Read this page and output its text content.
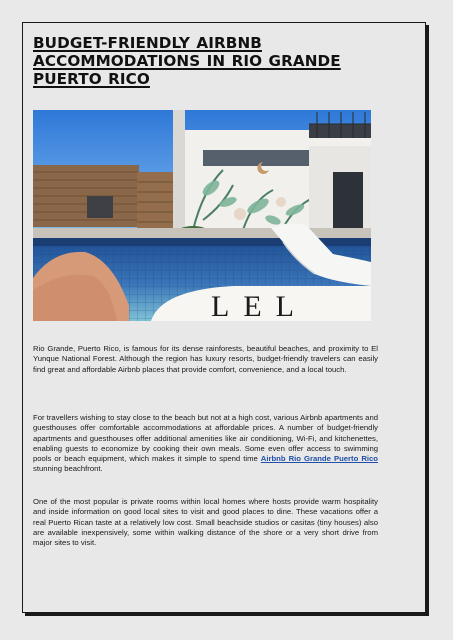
BUDGET-FRIENDLY AIRBNB ACCOMMODATIONS IN RIO GRANDE PUERTO RICO
LEL

Rio Grande, Puerto Rico, is famous for its dense rainforests, beautiful beaches, and proximity to El Yunque National Forest. Although the region has luxury resorts, budget-friendly travelers can easily find great and affordable Airbnb places that provide comfort, convenience, and a local touch.

For travellers wishing to stay close to the beach but not at a high cost, various Airbnb apartments and guesthouses offer comfortable accommodations at affordable prices. A number of budget-friendly apartments and guesthouses offer additional amenities like air conditioning, Wi-Fi, and kitchenettes, enabling guests to economize by cooking their own meals. Some even offer access to swimming pools or beach equipment, which makes it simple to spend time Airbnb Rio Grande Puerto Rico stunning beachfront.

One of the most popular is private rooms within local homes where hosts provide warm hospitality and inside information on good local sites to visit and good places to dine. These vacations offer a real Puerto Rican taste at a relatively low cost. Small beachside studios or casitas (tiny houses) also are available inexpensively, some within walking distance of the shore or a very short drive from major sites to visit.
